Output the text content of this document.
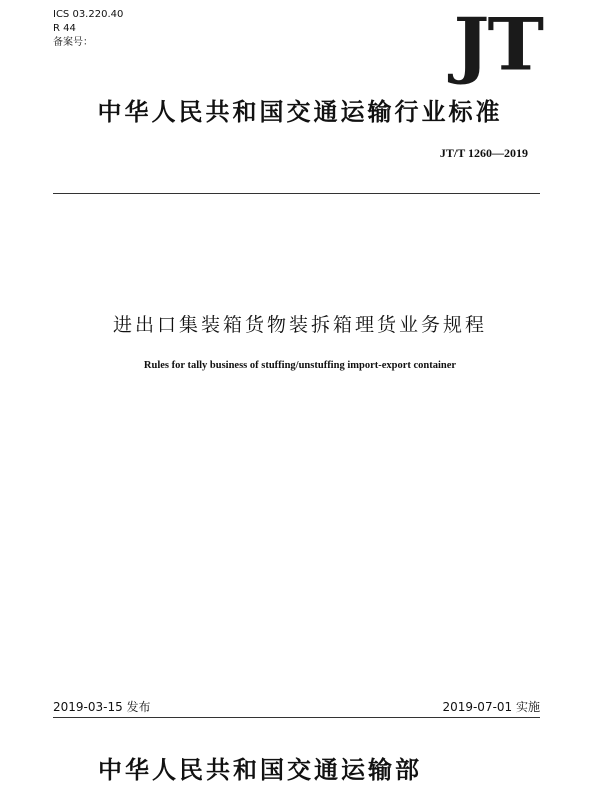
ICS 03.220.40
R 44
备案号：	JT
中华人民共和国交通运输行业标准
JT/T 1260—2019
进出口集装箱货物装拆箱理货业务规程
Rules for tally business of stuffing/unstuffing import-export container
2019-03-15 发布	2019-07-01 实施
中华人民共和国交通运输部
